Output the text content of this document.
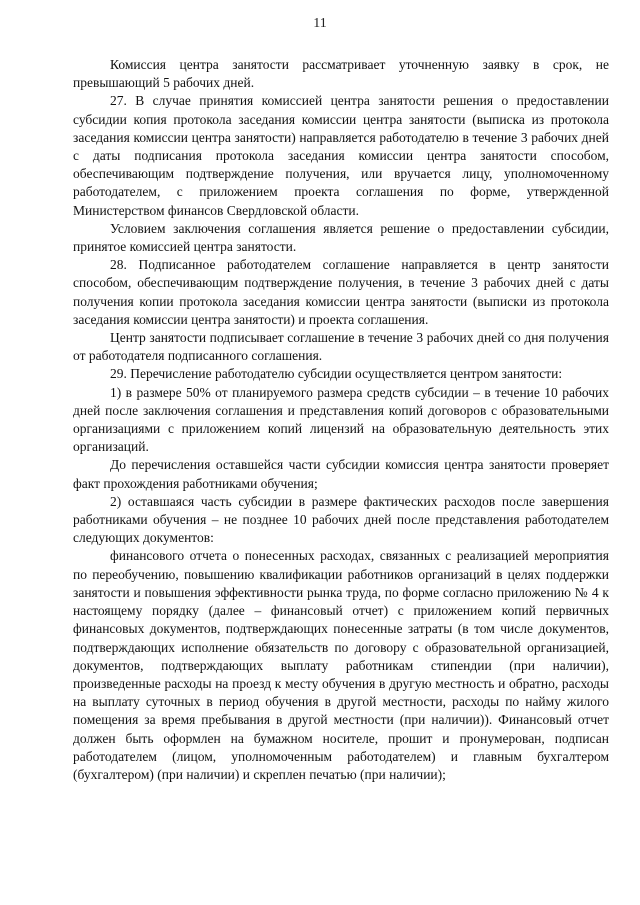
11

Комиссия центра занятости рассматривает уточненную заявку в срок, не превышающий 5 рабочих дней.

27. В случае принятия комиссией центра занятости решения о предоставлении субсидии копия протокола заседания комиссии центра занятости (выписка из протокола заседания комиссии центра занятости) направляется работодателю в течение 3 рабочих дней с даты подписания протокола заседания комиссии центра занятости способом, обеспечивающим подтверждение получения, или вручается лицу, уполномоченному работодателем, с приложением проекта соглашения по форме, утвержденной Министерством финансов Свердловской области.

Условием заключения соглашения является решение о предоставлении субсидии, принятое комиссией центра занятости.

28. Подписанное работодателем соглашение направляется в центр занятости способом, обеспечивающим подтверждение получения, в течение 3 рабочих дней с даты получения копии протокола заседания комиссии центра занятости (выписки из протокола заседания комиссии центра занятости) и проекта соглашения.

Центр занятости подписывает соглашение в течение 3 рабочих дней со дня получения от работодателя подписанного соглашения.

29. Перечисление работодателю субсидии осуществляется центром занятости:

1) в размере 50% от планируемого размера средств субсидии – в течение 10 рабочих дней после заключения соглашения и представления копий договоров с образовательными организациями с приложением копий лицензий на образовательную деятельность этих организаций.

До перечисления оставшейся части субсидии комиссия центра занятости проверяет факт прохождения работниками обучения;

2) оставшаяся часть субсидии в размере фактических расходов после завершения работниками обучения – не позднее 10 рабочих дней после представления работодателем следующих документов:

финансового отчета о понесенных расходах, связанных с реализацией мероприятия по переобучению, повышению квалификации работников организаций в целях поддержки занятости и повышения эффективности рынка труда, по форме согласно приложению № 4 к настоящему порядку (далее – финансовый отчет) с приложением копий первичных финансовых документов, подтверждающих понесенные затраты (в том числе документов, подтверждающих исполнение обязательств по договору с образовательной организацией, документов, подтверждающих выплату работникам стипендии (при наличии), произведенные расходы на проезд к месту обучения в другую местность и обратно, расходы на выплату суточных в период обучения в другой местности, расходы по найму жилого помещения за время пребывания в другой местности (при наличии)). Финансовый отчет должен быть оформлен на бумажном носителе, прошит и пронумерован, подписан работодателем (лицом, уполномоченным работодателем) и главным бухгалтером (бухгалтером) (при наличии) и скреплен печатью (при наличии);
